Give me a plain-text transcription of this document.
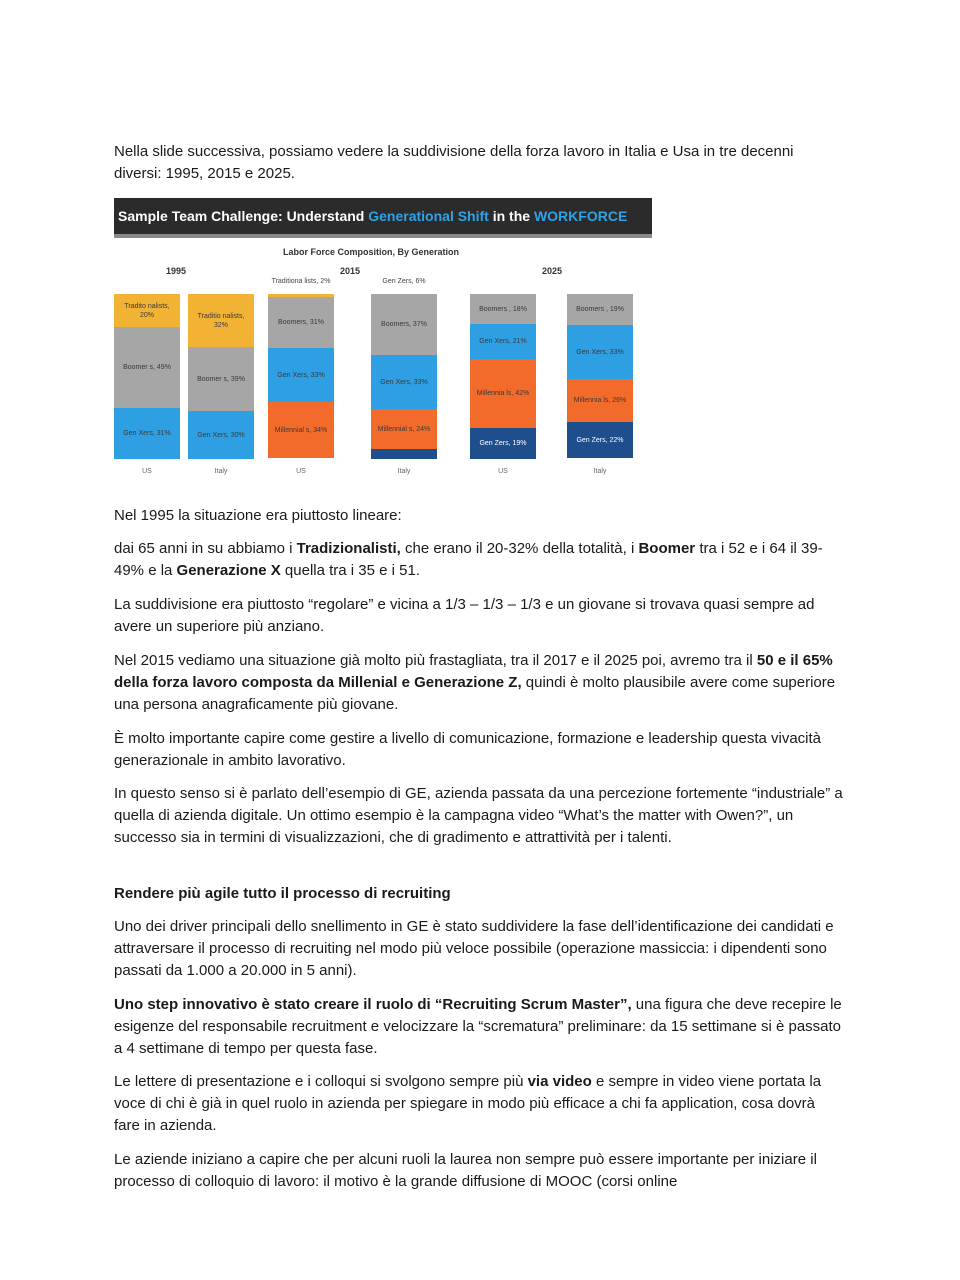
Nella slide successiva, possiamo vedere la suddivisione della forza lavoro in Italia e Usa in tre decenni diversi: 1995, 2015 e 2025.

Sample Team Challenge: Understand Generational Shift in the WORKFORCE
Labor Force Composition, By Generation
1995	2015	2025
Tradito nalists, 20%
Boomer s, 49%
Gen Xers, 31%
US
Traditio nalists, 32%
Boomer s, 39%
Gen Xers, 30%
Italy
Traditiona lists, 2%
Boomers, 31%
Gen Xers, 33%
Millennial s, 34%
US
Gen Zers, 6%
Boomers, 37%
Gen Xers, 33%
Millennial s, 24%
Italy
Boomers , 18%
Gen Xers, 21%
Millennia ls, 42%
Gen Zers, 19%
US
Boomers , 19%
Gen Xers, 33%
Millennia ls, 26%
Gen Zers, 22%
Italy

Nel 1995 la situazione era piuttosto lineare:

dai 65 anni in su abbiamo i Tradizionalisti, che erano il 20-32% della totalità, i Boomer tra i 52 e i 64 il 39-49% e la Generazione X quella tra i 35 e i 51.

La suddivisione era piuttosto “regolare” e vicina a 1/3 – 1/3 – 1/3 e un giovane si trovava quasi sempre ad avere un superiore più anziano.

Nel 2015 vediamo una situazione già molto più frastagliata, tra il 2017 e il 2025 poi, avremo tra il 50 e il 65% della forza lavoro composta da Millenial e Generazione Z, quindi è molto plausibile avere come superiore una persona anagraficamente più giovane.

È molto importante capire come gestire a livello di comunicazione, formazione e leadership questa vivacità generazionale in ambito lavorativo.

In questo senso si è parlato dell’esempio di GE, azienda passata da una percezione fortemente “industriale” a quella di azienda digitale. Un ottimo esempio è la campagna video “What’s the matter with Owen?”, un successo sia in termini di visualizzazioni, che di gradimento e attrattività per i talenti.

Rendere più agile tutto il processo di recruiting

Uno dei driver principali dello snellimento in GE è stato suddividere la fase dell’identificazione dei candidati e attraversare il processo di recruiting nel modo più veloce possibile (operazione massiccia: i dipendenti sono passati da 1.000 a 20.000 in 5 anni).

Uno step innovativo è stato creare il ruolo di “Recruiting Scrum Master”, una figura che deve recepire le esigenze del responsabile recruitment e velocizzare la “scrematura” preliminare: da 15 settimane si è passato a 4 settimane di tempo per questa fase.

Le lettere di presentazione e i colloqui si svolgono sempre più via video e sempre in video viene portata la voce di chi è già in quel ruolo in azienda per spiegare in modo più efficace a chi fa application, cosa dovrà fare in azienda.

Le aziende iniziano a capire che per alcuni ruoli la laurea non sempre può essere importante per iniziare il processo di colloquio di lavoro: il motivo è la grande diffusione di MOOC (corsi online
